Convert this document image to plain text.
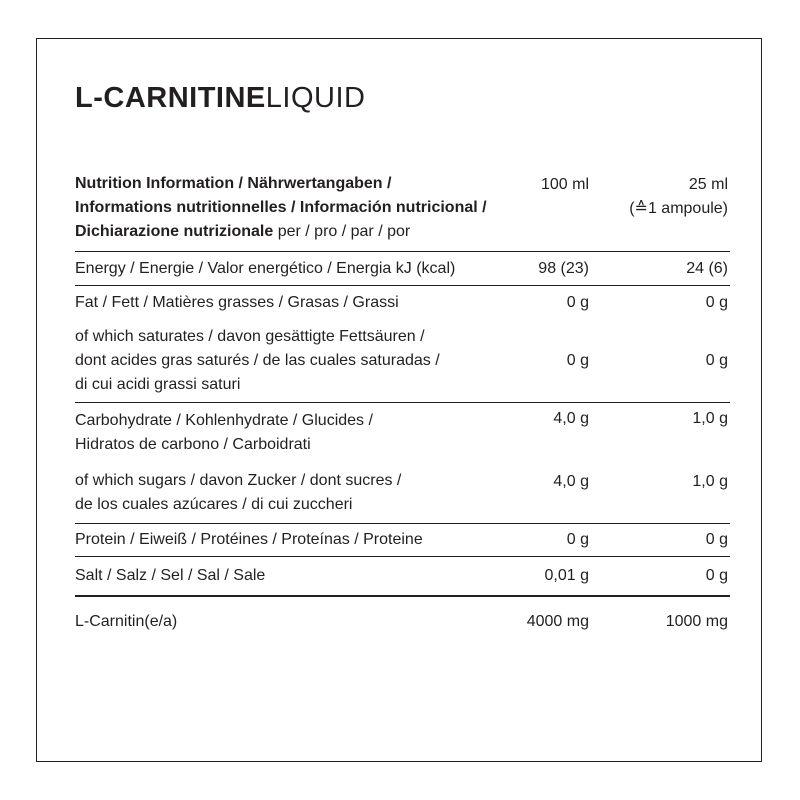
L-CARNITINELIQUID
Nutrition Information / Nährwertangaben /
Informations nutritionnelles / Información nutricional /
Dichiarazione nutrizionale per / pro / par / por
100 ml	25 ml
(≙1 ampoule)
Energy / Energie / Valor energético / Energia kJ (kcal)	98 (23)	24 (6)
Fat / Fett / Matières grasses / Grasas / Grassi	0 g	0 g
of which saturates / davon gesättigte Fettsäuren /
dont acides gras saturés / de las cuales saturadas /
di cui acidi grassi saturi
0 g	0 g
Carbohydrate / Kohlenhydrate / Glucides /
Hidratos de carbono / Carboidrati
4,0 g	1,0 g
of which sugars / davon Zucker / dont sucres /
de los cuales azúcares / di cui zuccheri
4,0 g	1,0 g
Protein / Eiweiß / Protéines / Proteínas / Proteine	0 g	0 g
Salt / Salz / Sel / Sal / Sale	0,01 g	0 g
L-Carnitin(e/a)	4000 mg	1000 mg
